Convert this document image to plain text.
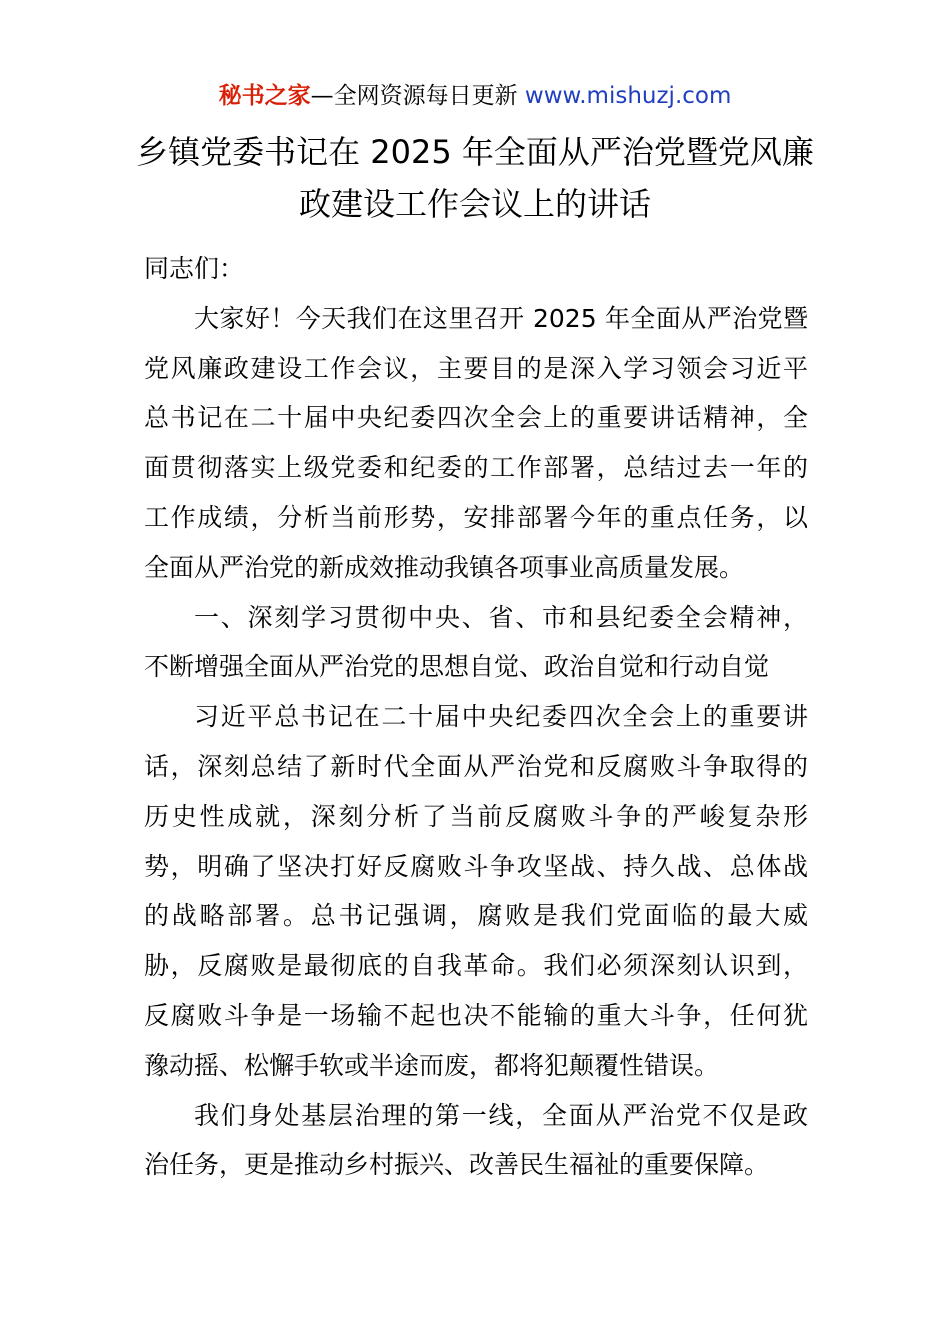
秘书之家—全网资源每日更新 www.mishuzj.com
乡镇党委书记在 2025 年全面从严治党暨党风廉
政建设工作会议上的讲话
同志们：
大家好！今天我们在这里召开 2025 年全面从严治党暨
党风廉政建设工作会议，主要目的是深入学习领会习近平
总书记在二十届中央纪委四次全会上的重要讲话精神，全
面贯彻落实上级党委和纪委的工作部署，总结过去一年的
工作成绩，分析当前形势，安排部署今年的重点任务，以
全面从严治党的新成效推动我镇各项事业高质量发展。
一、深刻学习贯彻中央、省、市和县纪委全会精神，
不断增强全面从严治党的思想自觉、政治自觉和行动自觉
习近平总书记在二十届中央纪委四次全会上的重要讲
话，深刻总结了新时代全面从严治党和反腐败斗争取得的
历史性成就，深刻分析了当前反腐败斗争的严峻复杂形
势，明确了坚决打好反腐败斗争攻坚战、持久战、总体战
的战略部署。总书记强调，腐败是我们党面临的最大威
胁，反腐败是最彻底的自我革命。我们必须深刻认识到，
反腐败斗争是一场输不起也决不能输的重大斗争，任何犹
豫动摇、松懈手软或半途而废，都将犯颠覆性错误。
我们身处基层治理的第一线，全面从严治党不仅是政
治任务，更是推动乡村振兴、改善民生福祉的重要保障。
